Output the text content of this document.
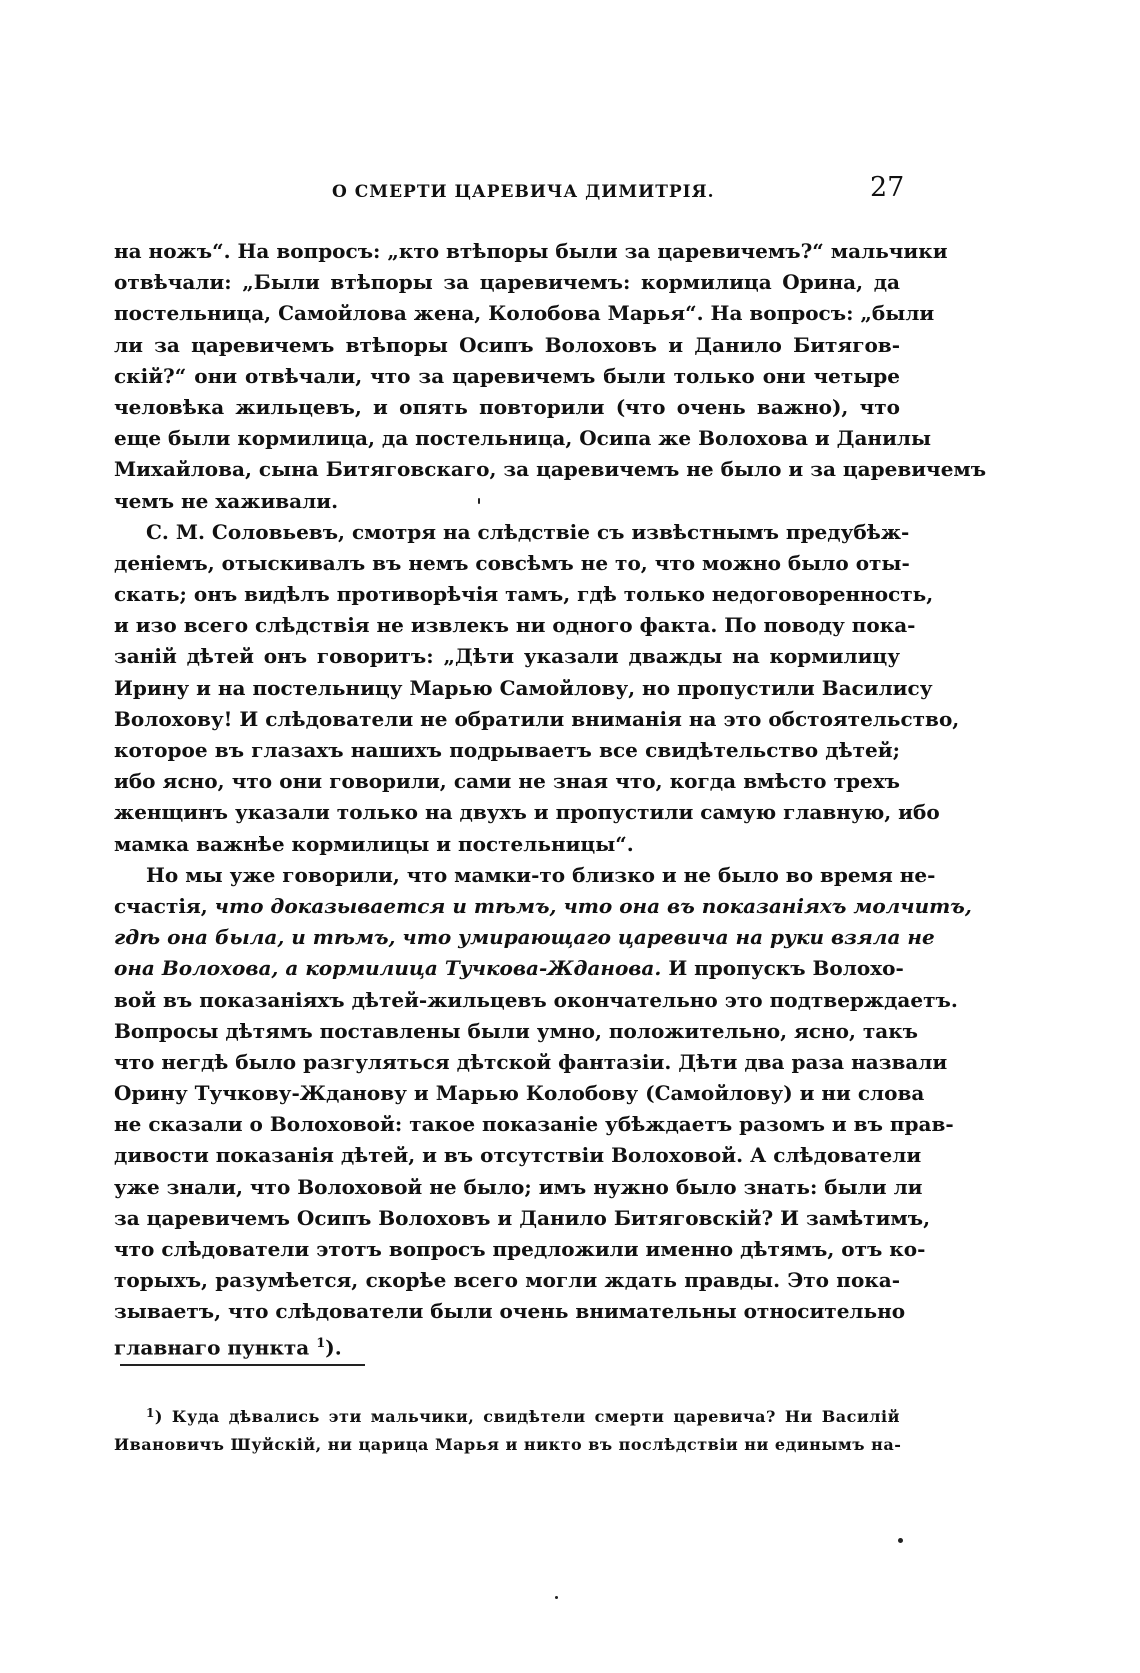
О СМЕРТИ ЦАРЕВИЧА ДИМИТРІЯ.	27
на ножъ“. На вопросъ: „кто втѣпоры были за царевичемъ?“ мальчики
отвѣчали: „Были втѣпоры за царевичемъ: кормилица Орина, да
постельница, Самойлова жена, Колобова Марья“. На вопросъ: „были
ли за царевичемъ втѣпоры Осипъ Волоховъ и Данило Битягов-
скій?“ они отвѣчали, что за царевичемъ были только они четыре
человѣка жильцевъ, и опять повторили (что очень важно), что
еще были кормилица, да постельница, Осипа же Волохова и Данилы
Михайлова, сына Битяговскаго, за царевичемъ не было и за царевичемъ
чемъ не хаживали.
С. М. Соловьевъ, смотря на слѣдствіе съ извѣстнымъ предубѣж-
деніемъ, отыскивалъ въ немъ совсѣмъ не то, что можно было оты-
скать; онъ видѣлъ противорѣчія тамъ, гдѣ только недоговоренность,
и изо всего слѣдствія не извлекъ ни одного факта. По поводу пока-
заній дѣтей онъ говоритъ: „Дѣти указали дважды на кормилицу
Ирину и на постельницу Марью Самойлову, но пропустили Василису
Волохову! И слѣдователи не обратили вниманія на это обстоятельство,
которое въ глазахъ нашихъ подрываетъ все свидѣтельство дѣтей;
ибо ясно, что они говорили, сами не зная что, когда вмѣсто трехъ
женщинъ указали только на двухъ и пропустили самую главную, ибо
мамка важнѣе кормилицы и постельницы“.
Но мы уже говорили, что мамки-то близко и не было во время не-
счастія, что доказывается и тѣмъ, что она въ показаніяхъ молчитъ,
гдѣ она была, и тѣмъ, что умирающаго царевича на руки взяла не
она Волохова, а кормилица Тучкова-Жданова. И пропускъ Волохо-
вой въ показаніяхъ дѣтей-жильцевъ окончательно это подтверждаетъ.
Вопросы дѣтямъ поставлены были умно, положительно, ясно, такъ
что негдѣ было разгуляться дѣтской фантазіи. Дѣти два раза назвали
Орину Тучкову-Жданову и Марью Колобову (Самойлову) и ни слова
не сказали о Волоховой: такое показаніе убѣждаетъ разомъ и въ прав-
дивости показанія дѣтей, и въ отсутствіи Волоховой. А слѣдователи
уже знали, что Волоховой не было; имъ нужно было знать: были ли
за царевичемъ Осипъ Волоховъ и Данило Битяговскій? И замѣтимъ,
что слѣдователи этотъ вопросъ предложили именно дѣтямъ, отъ ко-
торыхъ, разумѣется, скорѣе всего могли ждать правды. Это пока-
зываетъ, что слѣдователи были очень внимательны относительно
главнаго пункта $^1$).
$^1$) Куда дѣвались эти мальчики, свидѣтели смерти царевича? Ни Василій
Ивановичъ Шуйскій, ни царица Марья и никто въ послѣдствіи ни единымъ на-
